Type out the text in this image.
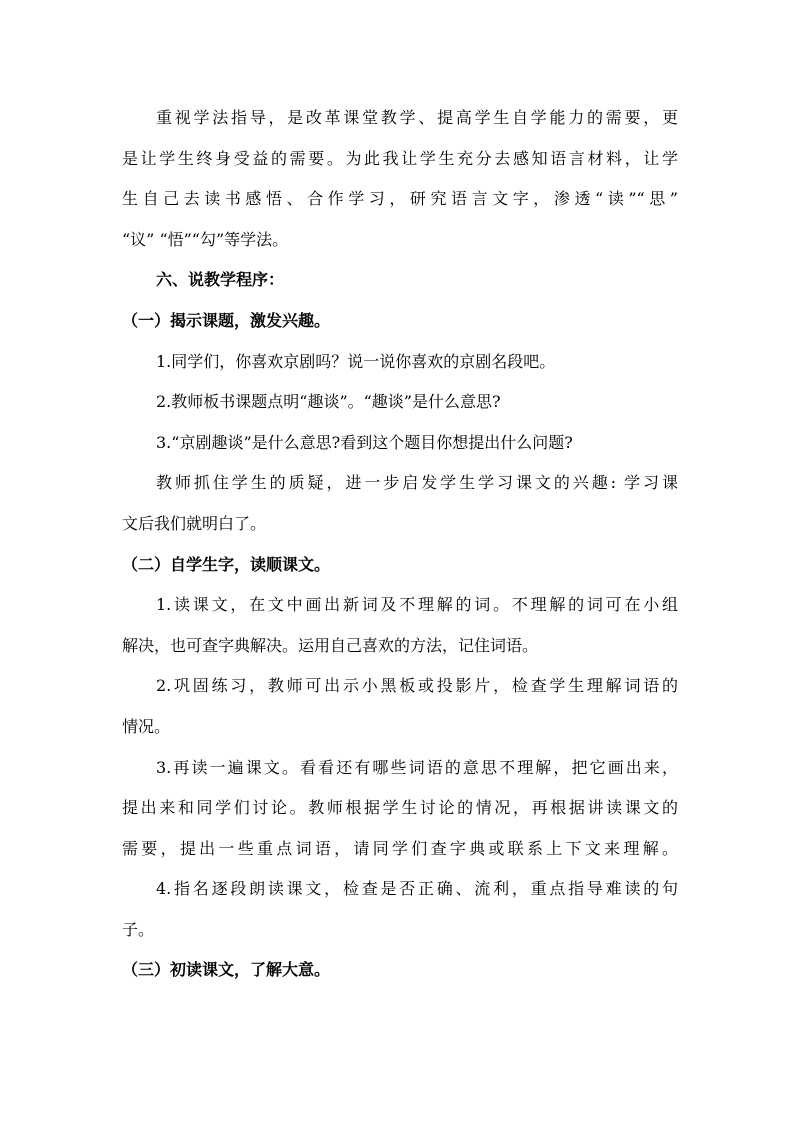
重视学法指导，是改革课堂教学、提高学生自学能力的需要，更
是让学生终身受益的需要。为此我让学生充分去感知语言材料，让学
生自己去读书感悟、合作学习，研究语言文字，渗透“读”“思”
“议” “悟”“勾”等学法。
六、说教学程序：
（一）揭示课题，激发兴趣。
1.同学们，你喜欢京剧吗？说一说你喜欢的京剧名段吧。
2.教师板书课题点明“趣谈”。“趣谈”是什么意思?
3.“京剧趣谈”是什么意思?看到这个题目你想提出什么问题?
教师抓住学生的质疑，进一步启发学生学习课文的兴趣: 学习课
文后我们就明白了。
（二）自学生字，读顺课文。
1.读课文，在文中画出新词及不理解的词。不理解的词可在小组
解决，也可查字典解决。运用自己喜欢的方法，记住词语。
2.巩固练习，教师可出示小黑板或投影片，检查学生理解词语的
情况。
3.再读一遍课文。看看还有哪些词语的意思不理解，把它画出来，
提出来和同学们讨论。教师根据学生讨论的情况，再根据讲读课文的
需要，提出一些重点词语，请同学们查字典或联系上下文来理解。
4.指名逐段朗读课文，检查是否正确、流利，重点指导难读的句
子。
（三）初读课文，了解大意。
